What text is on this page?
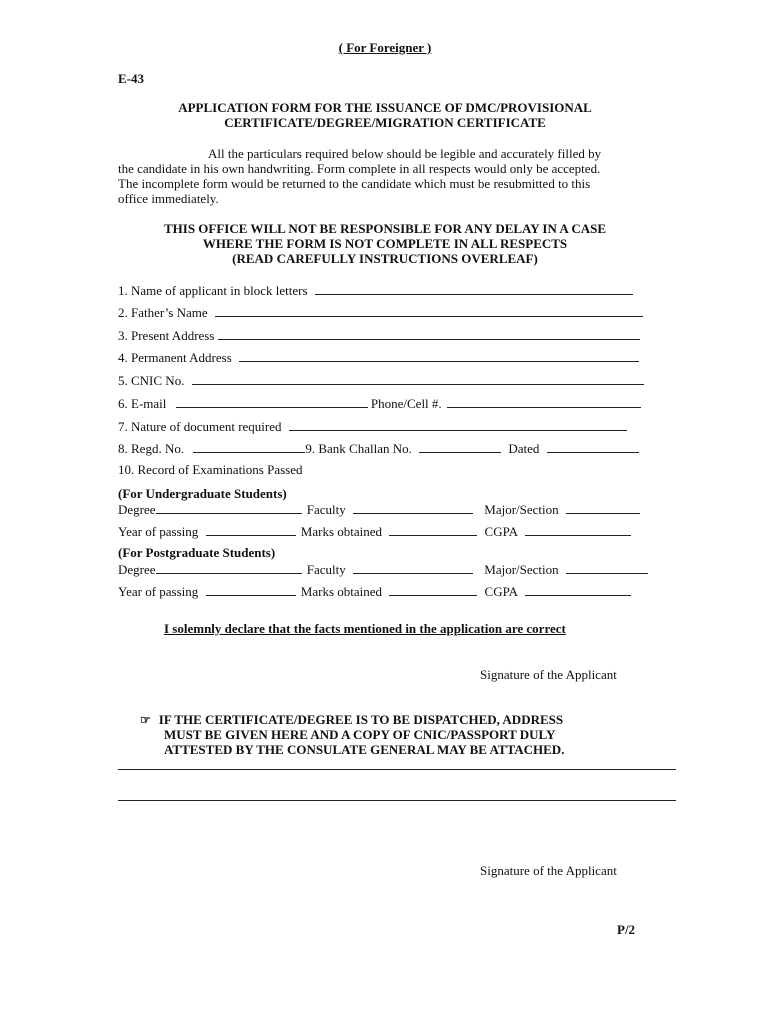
( For Foreigner )
E-43
APPLICATION FORM FOR THE ISSUANCE OF DMC/PROVISIONAL
CERTIFICATE/DEGREE/MIGRATION CERTIFICATE
All the particulars required below should be legible and accurately filled by
the candidate in his own handwriting. Form complete in all respects would only be accepted.
The incomplete form would be returned to the candidate which must be resubmitted to this
office immediately.
THIS OFFICE WILL NOT BE RESPONSIBLE FOR ANY DELAY IN A CASE
WHERE THE FORM IS NOT COMPLETE IN ALL RESPECTS
(READ CAREFULLY INSTRUCTIONS OVERLEAF)
1. Name of applicant in block letters
2. Father’s Name
3. Present Address
4. Permanent Address
5. CNIC No.
6. E-mail	Phone/Cell #.
7. Nature of document required
8. Regd. No.	9. Bank Challan No.	Dated
10. Record of Examinations Passed
(For Undergraduate Students)
Degree	Faculty	Major/Section
Year of passing	Marks obtained	CGPA
(For Postgraduate Students)
Degree	Faculty	Major/Section
Year of passing	Marks obtained	CGPA
I solemnly declare that the facts mentioned in the application are correct
Signature of the Applicant
☞ IF THE CERTIFICATE/DEGREE IS TO BE DISPATCHED, ADDRESS
MUST BE GIVEN HERE AND A COPY OF CNIC/PASSPORT DULY
ATTESTED BY THE CONSULATE GENERAL MAY BE ATTACHED.
Signature of the Applicant
P/2
